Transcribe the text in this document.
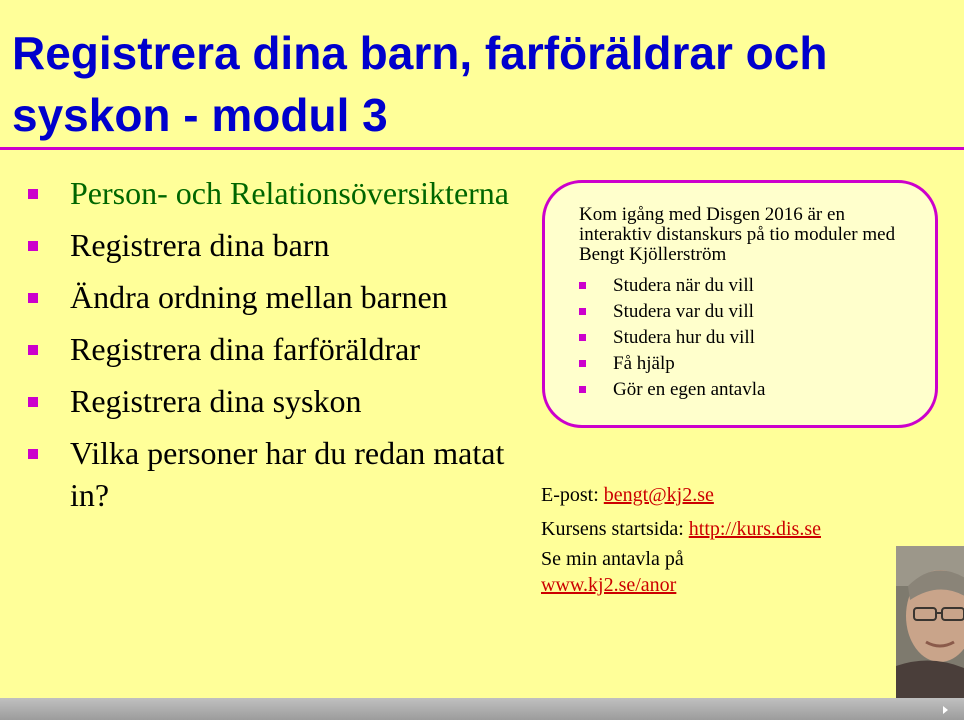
Registrera dina barn, farföräldrar och syskon - modul 3
Person- och Relationsöversikterna
Registrera dina barn
Ändra ordning mellan barnen
Registrera dina farföräldrar
Registrera dina syskon
Vilka personer har du redan matat in?
Kom igång med Disgen 2016 är en interaktiv distanskurs på tio moduler med Bengt Kjöllerström
Studera när du vill
Studera var du vill
Studera hur du vill
Få hjälp
Gör en egen antavla
E-post: bengt@kj2.se
Kursens startsida: http://kurs.dis.se
Se min antavla på
www.kj2.se/anor
